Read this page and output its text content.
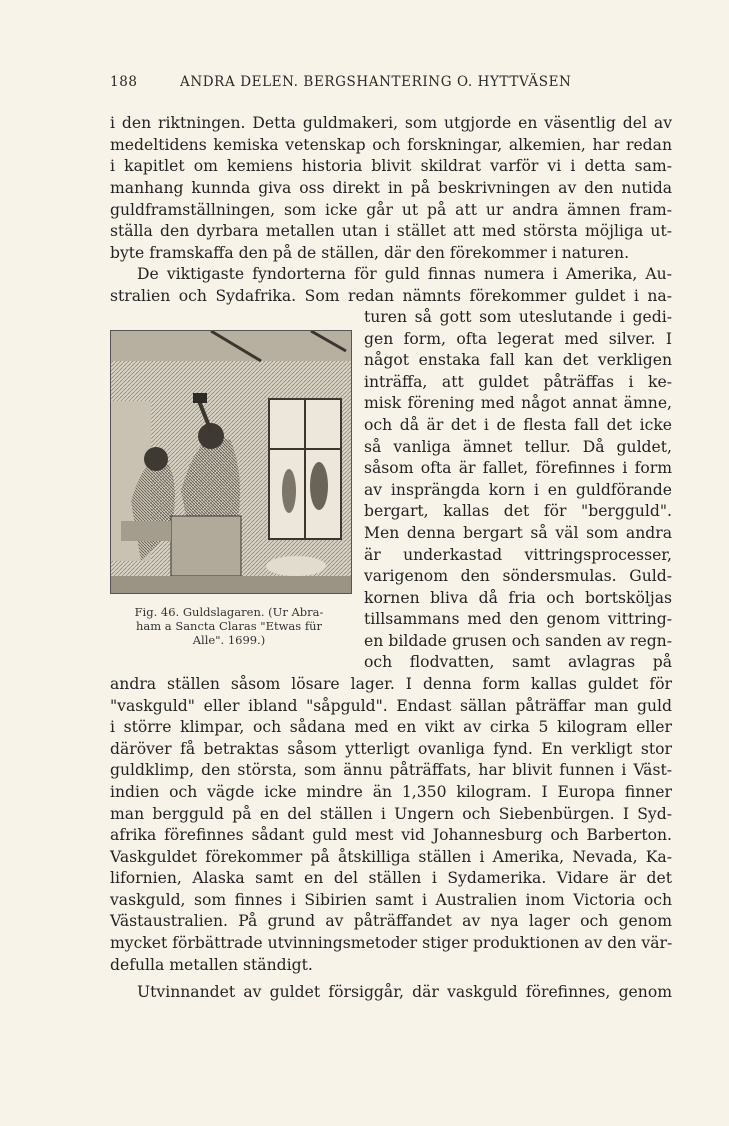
188	ANDRA DELEN. BERGSHANTERING O. HYTTVÄSEN
i den riktningen. Detta guldmakeri, som utgjorde en väsentlig del av
medeltidens kemiska vetenskap och forskningar, alkemien, har redan
i kapitlet om kemiens historia blivit skildrat varför vi i detta sam-
manhang kunnda giva oss direkt in på beskrivningen av den nutida
guldframställningen, som icke går ut på att ur andra ämnen fram-
ställa den dyrbara metallen utan i stället att med största möjliga ut-
byte framskaffa den på de ställen, där den förekommer i naturen.
De viktigaste fyndorterna för guld finnas numera i Amerika, Au-
stralien och Sydafrika. Som redan nämnts förekommer guldet i na-
turen så gott som uteslutande i gedi-
gen form, ofta legerat med silver. I
något enstaka fall kan det verkligen
inträffa, att guldet påträffas i ke-
misk förening med något annat ämne,
och då är det i de flesta fall det icke
så vanliga ämnet tellur. Då guldet,
såsom ofta är fallet, förefinnes i form
av insprängda korn i en guldförande
bergart, kallas det för "bergguld".
Men denna bergart så väl som andra
är underkastad vittringsprocesser,
varigenom den söndersmulas. Guld-
kornen bliva då fria och bortsköljas
tillsammans med den genom vittring-
en bildade grusen och sanden av regn-
och flodvatten, samt avlagras på
andra ställen såsom lösare lager. I denna form kallas guldet för
"vaskguld" eller ibland "såpguld". Endast sällan påträffar man guld
i större klimpar, och sådana med en vikt av cirka 5 kilogram eller
däröver få betraktas såsom ytterligt ovanliga fynd. En verkligt stor
guldklimp, den största, som ännu påträffats, har blivit funnen i Väst-
indien och vägde icke mindre än 1,350 kilogram. I Europa finner
man bergguld på en del ställen i Ungern och Siebenbürgen. I Syd-
afrika förefinnes sådant guld mest vid Johannesburg och Barberton.
Vaskguldet förekommer på åtskilliga ställen i Amerika, Nevada, Ka-
lifornien, Alaska samt en del ställen i Sydamerika. Vidare är det
vaskguld, som finnes i Sibirien samt i Australien inom Victoria och
Västaustralien. På grund av påträffandet av nya lager och genom
mycket förbättrade utvinningsmetoder stiger produktionen av den vär-
defulla metallen ständigt.
Utvinnandet av guldet försiggår, där vaskguld förefinnes, genom
Fig. 46. Guldslagaren. (Ur Abra-
ham a Sancta Claras "Etwas für
Alle". 1699.)
